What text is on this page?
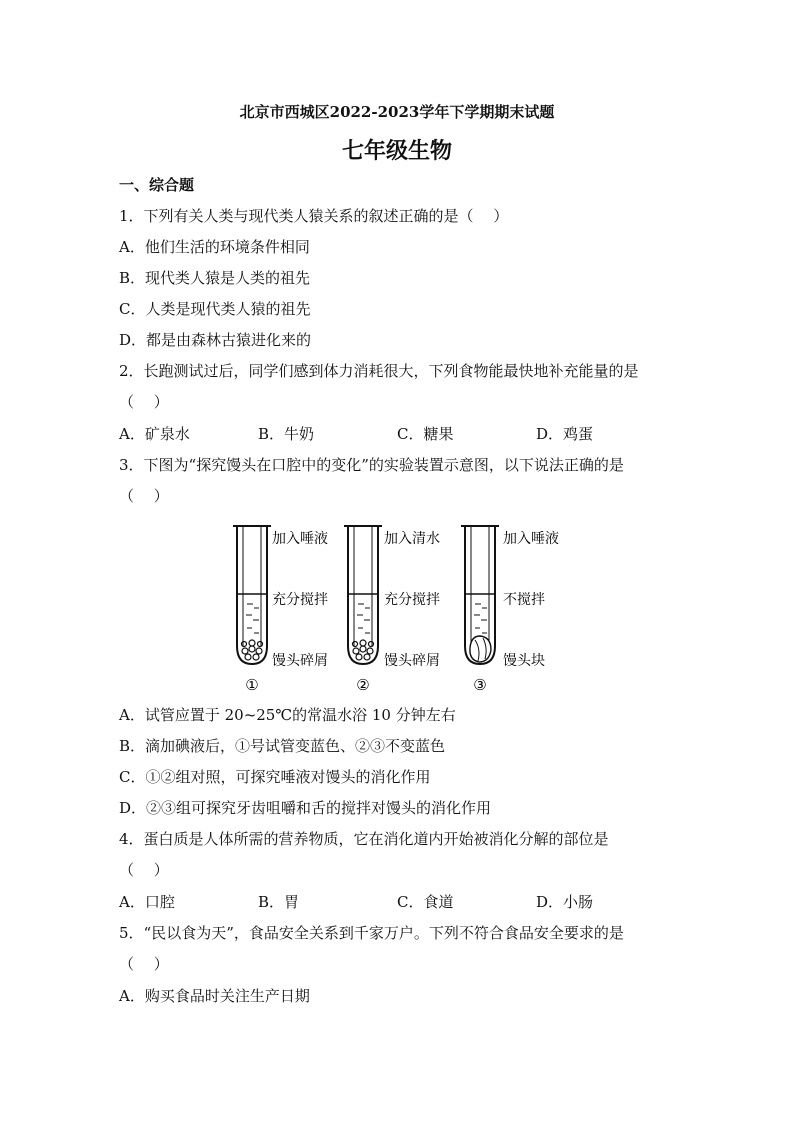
北京市西城区2022-2023学年下学期期末试题
七年级生物
一、综合题
1．下列有关人类与现代类人猿关系的叙述正确的是（　 ）
A．他们生活的环境条件相同
B．现代类人猿是人类的祖先
C．人类是现代类人猿的祖先
D．都是由森林古猿进化来的
2．长跑测试过后，同学们感到体力消耗很大，下列食物能最快地补充能量的是
（　 ）
A．矿泉水	B．牛奶	C．糖果	D．鸡蛋
3．下图为“探究馒头在口腔中的变化”的实验装置示意图，以下说法正确的是
（　 ）
①
加入唾液
充分搅拌
馒头碎屑
②
加入清水
充分搅拌
馒头碎屑
③
加入唾液
不搅拌
馒头块
A．试管应置于 20~25℃的常温水浴 10 分钟左右
B．滴加碘液后，①号试管变蓝色、②③不变蓝色
C．①②组对照，可探究唾液对馒头的消化作用
D．②③组可探究牙齿咀嚼和舌的搅拌对馒头的消化作用
4．蛋白质是人体所需的营养物质，它在消化道内开始被消化分解的部位是
（　 ）
A．口腔	B．胃	C．食道	D．小肠
5．“民以食为天”，食品安全关系到千家万户。下列不符合食品安全要求的是
（　 ）
A．购买食品时关注生产日期
